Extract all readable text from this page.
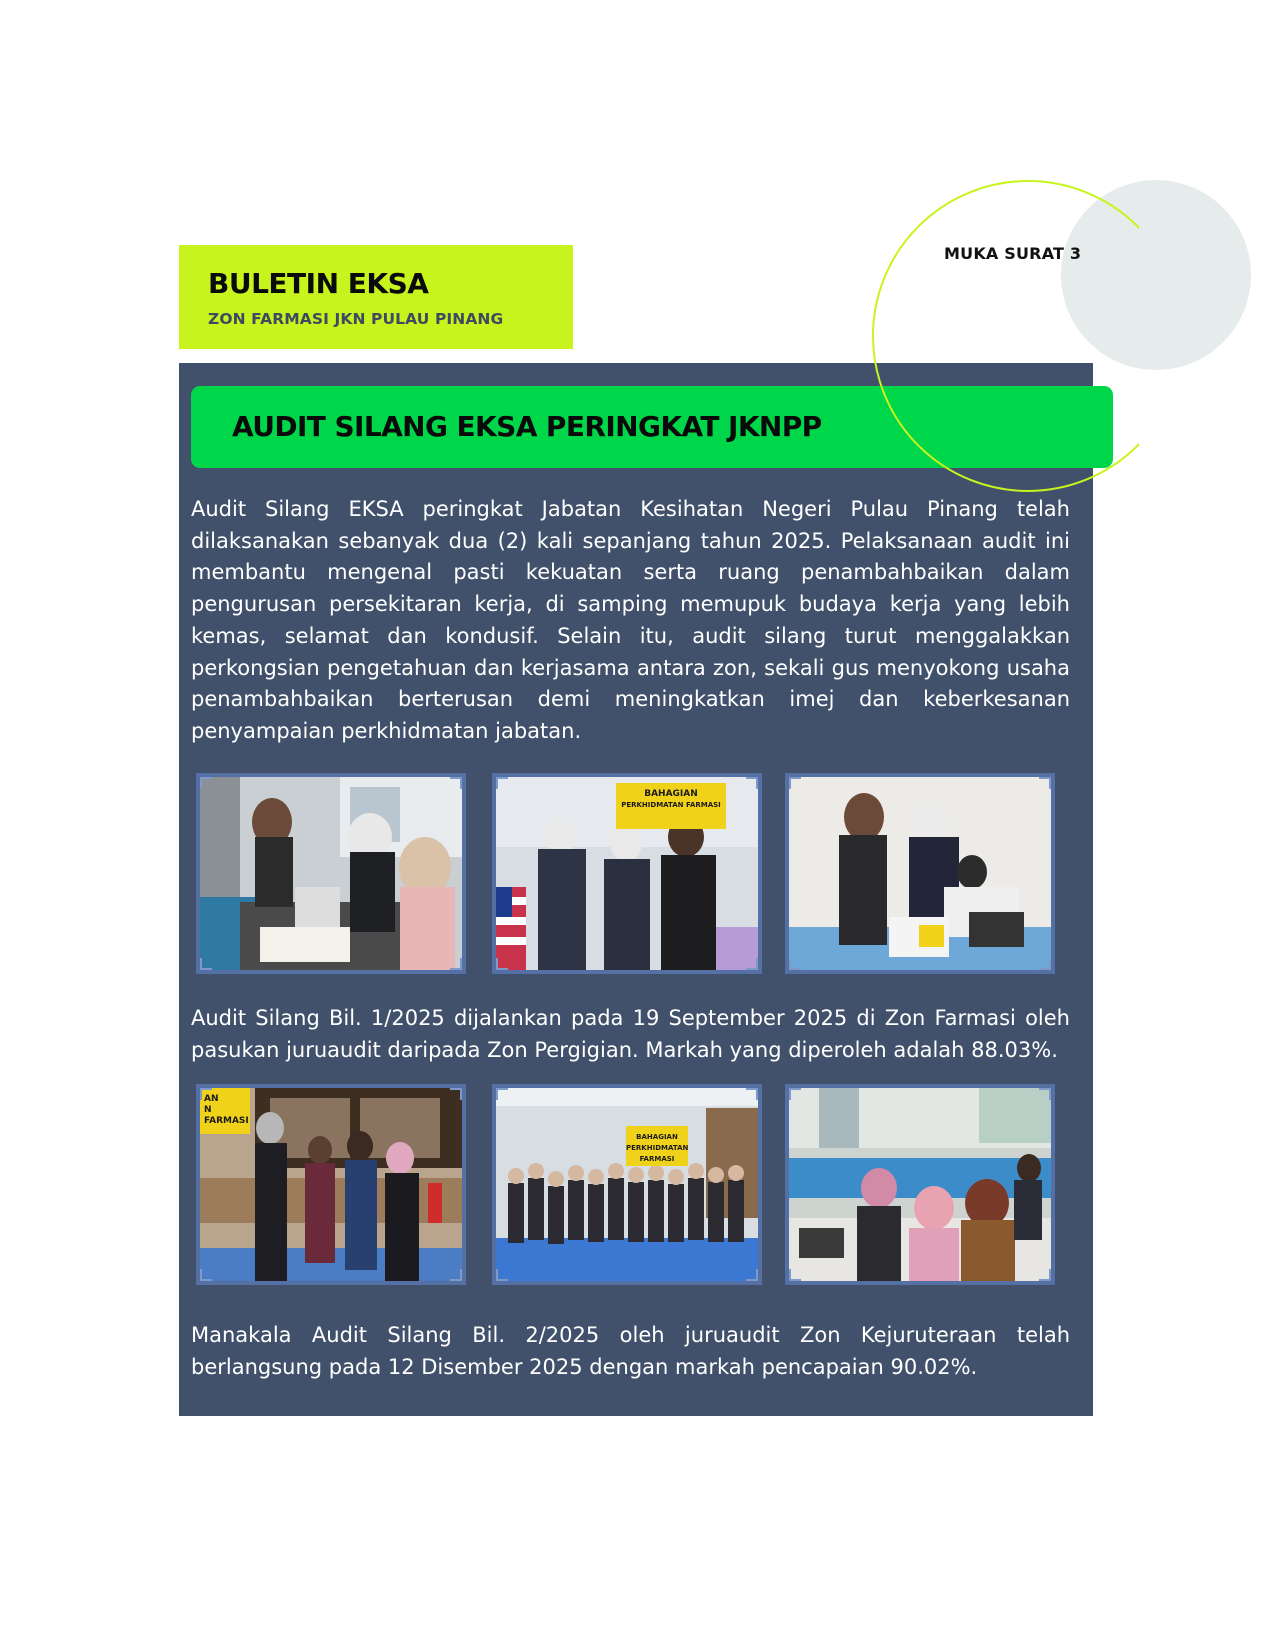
MUKA SURAT 3
BULETIN EKSA
ZON FARMASI JKN PULAU PINANG
AUDIT SILANG EKSA PERINGKAT JKNPP

Audit Silang EKSA peringkat Jabatan Kesihatan Negeri Pulau Pinang telah dilaksanakan sebanyak dua (2) kali sepanjang tahun 2025. Pelaksanaan audit ini membantu mengenal pasti kekuatan serta ruang penambahbaikan dalam pengurusan persekitaran kerja, di samping memupuk budaya kerja yang lebih kemas, selamat dan kondusif. Selain itu, audit silang turut menggalakkan perkongsian pengetahuan dan kerjasama antara zon, sekali gus menyokong usaha penambahbaikan berterusan demi meningkatkan imej dan keberkesanan penyampaian perkhidmatan jabatan.

BAHAGIAN
PERKHIDMATAN FARMASI

Audit Silang Bil. 1/2025 dijalankan pada 19 September 2025 di Zon Farmasi oleh pasukan juruaudit daripada Zon Pergigian. Markah yang diperoleh adalah 88.03%.

AN
N FARMASI
BAHAGIAN
PERKHIDMATAN FARMASI

Manakala Audit Silang Bil. 2/2025 oleh juruaudit Zon Kejuruteraan telah berlangsung pada 12 Disember 2025 dengan markah pencapaian 90.02%.
